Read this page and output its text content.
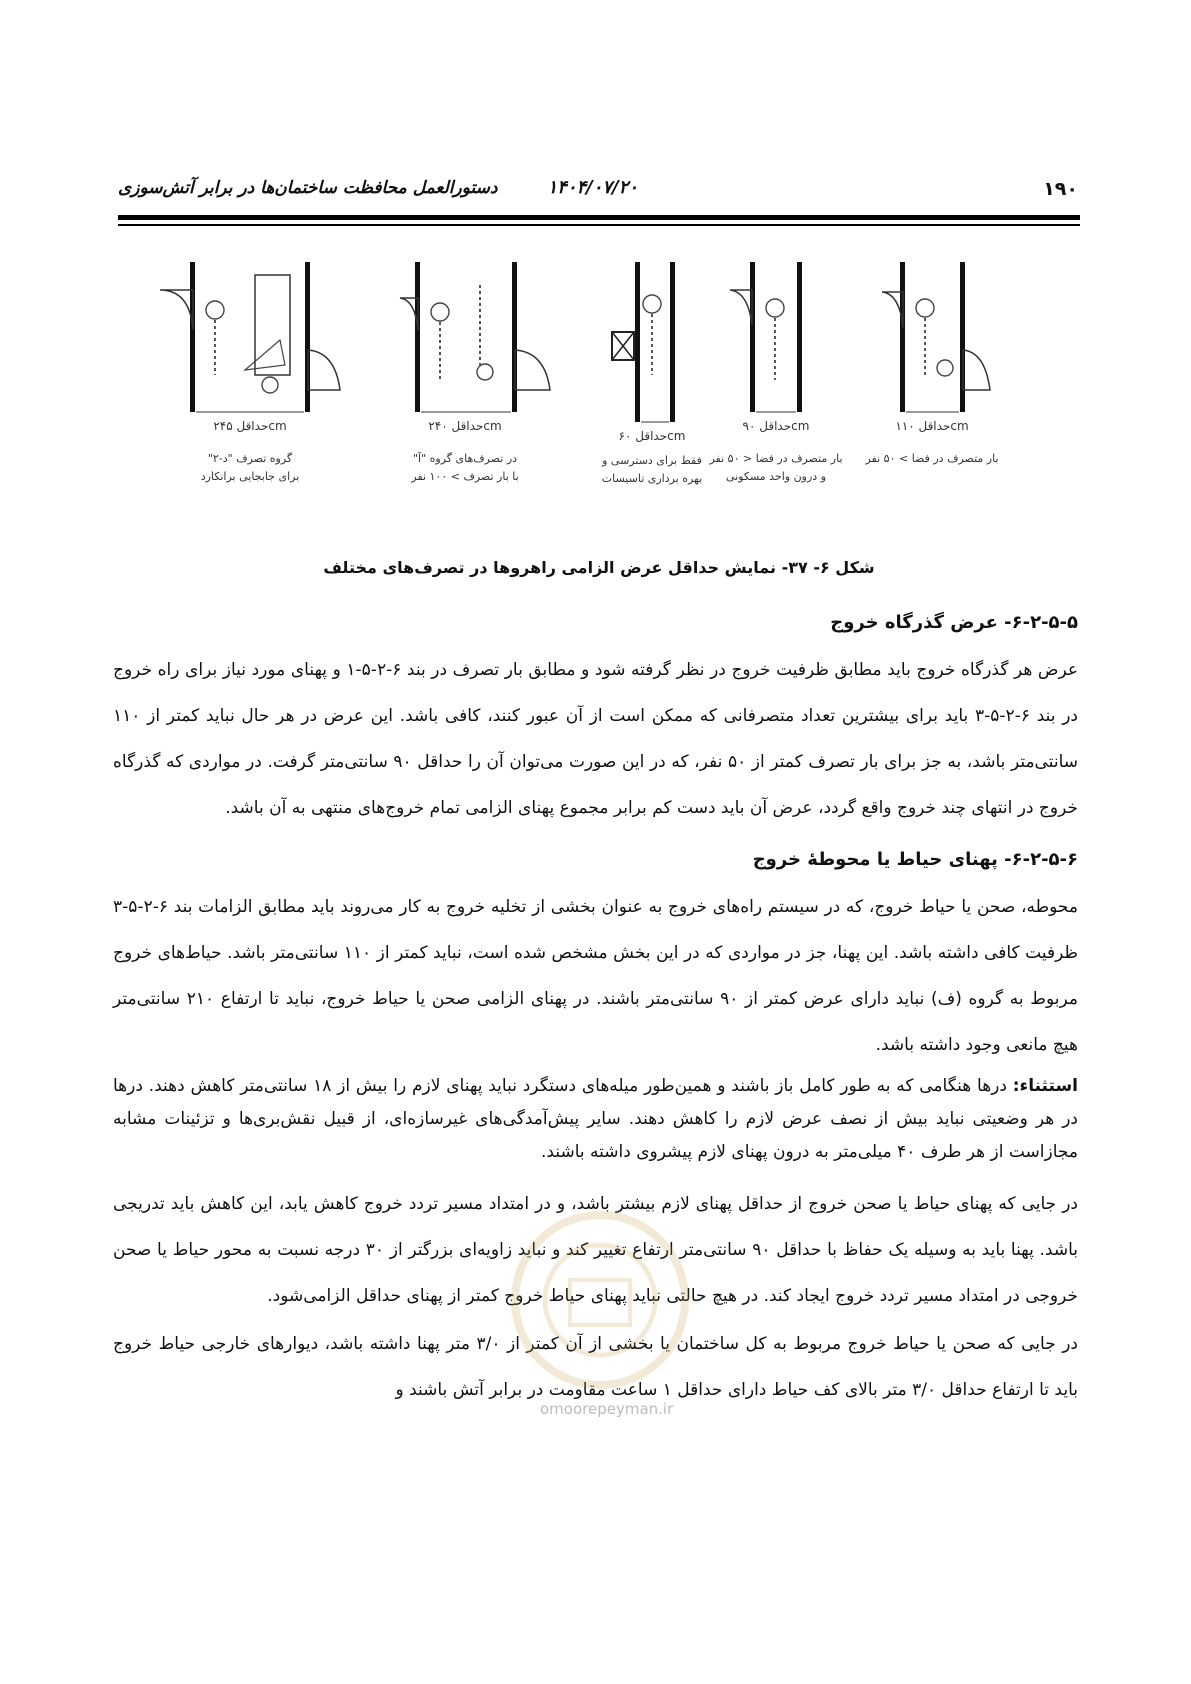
۱۹۰
۱۴۰۴/۰۷/۲۰
دستورالعمل محافظت ساختمان‌ها در برابر آتش‌سوزی
حداقل ۲۴۵cm	حداقل ۲۴۰cm
حداقل ۶۰cm
حداقل ۹۰cm	حداقل ۱۱۰cm
گروه تصرف "د-۲"
برای جابجایی برانکارد
در تصرف‌های گروه "آ"
با بار تصرف > ۱۰۰ نفر
فقط برای دسترسی و
بهره برداری تاسیسات
بار متصرف در فضا < ۵۰ نفر
و درون واحد مسکونی
بار متصرف در فضا > ۵۰ نفر
شکل ۶- ۳۷- نمایش حداقل عرض الزامی راهروها در تصرف‌های مختلف
۶-۲-۵-۵- عرض گذرگاه خروج

عرض هر گذرگاه خروج باید مطابق ظرفیت خروج در نظر گرفته شود و مطابق بار تصرف در بند ۶-۲-۵-۱ و پهنای مورد نیاز برای راه خروج در بند ۶-۲-۵-۳ باید برای بیشترین تعداد متصرفانی که ممکن است از آن عبور کنند، کافی باشد. این عرض در هر حال نباید کمتر از ۱۱۰ سانتی‌متر باشد، به جز برای بار تصرف کمتر از ۵۰ نفر، که در این صورت می‌توان آن را حداقل ۹۰ سانتی‌متر گرفت. در مواردی که گذرگاه خروج در انتهای چند خروج واقع گردد، عرض آن باید دست کم برابر مجموع پهنای الزامی تمام خروج‌های منتهی به آن باشد.

۶-۲-۵-۶- پهنای حیاط یا محوطهٔ خروج

محوطه، صحن یا حیاط خروج، که در سیستم راه‌های خروج به عنوان بخشی از تخلیه خروج به کار می‌روند باید مطابق الزامات بند ۶-۲-۵-۳ ظرفیت کافی داشته باشد. این پهنا، جز در مواردی که در این بخش مشخص شده است، نباید کمتر از ۱۱۰ سانتی‌متر باشد. حیاط‌های خروج مربوط به گروه (ف) نباید دارای عرض کمتر از ۹۰ سانتی‌متر باشند. در پهنای الزامی صحن یا حیاط خروج، نباید تا ارتفاع ۲۱۰ سانتی‌متر هیچ مانعی وجود داشته باشد.

استثناء: درها هنگامی که به طور کامل باز باشند و همین‌طور میله‌های دستگرد نباید پهنای لازم را بیش از ۱۸ سانتی‌متر کاهش دهند. درها در هر وضعیتی نباید بیش از نصف عرض لازم را کاهش دهند. سایر پیش‌آمدگی‌های غیرسازه‌ای، از قبیل نقش‌بری‌ها و تزئینات مشابه مجازاست از هر طرف ۴۰ میلی‌متر به درون پهنای لازم پیشروی داشته باشند.

در جایی که پهنای حیاط یا صحن خروج از حداقل پهنای لازم بیشتر باشد، و در امتداد مسیر تردد خروج کاهش یابد، این کاهش باید تدریجی باشد. پهنا باید به وسیله یک حفاظ با حداقل ۹۰ سانتی‌متر ارتفاع تغییر کند و نباید زاویه‌ای بزرگتر از ۳۰ درجه نسبت به محور حیاط یا صحن خروجی در امتداد مسیر تردد خروج ایجاد کند. در هیچ حالتی نباید پهنای حیاط خروج کمتر از پهنای حداقل الزامی‌شود.

در جایی که صحن یا حیاط خروج مربوط به کل ساختمان یا بخشی از آن کمتر از ۳/۰ متر پهنا داشته باشد، دیوارهای خارجی حیاط خروج باید تا ارتفاع حداقل ۳/۰ متر بالای کف حیاط دارای حداقل ۱ ساعت مقاومت در برابر آتش باشند و

omoorepeyman.ir
